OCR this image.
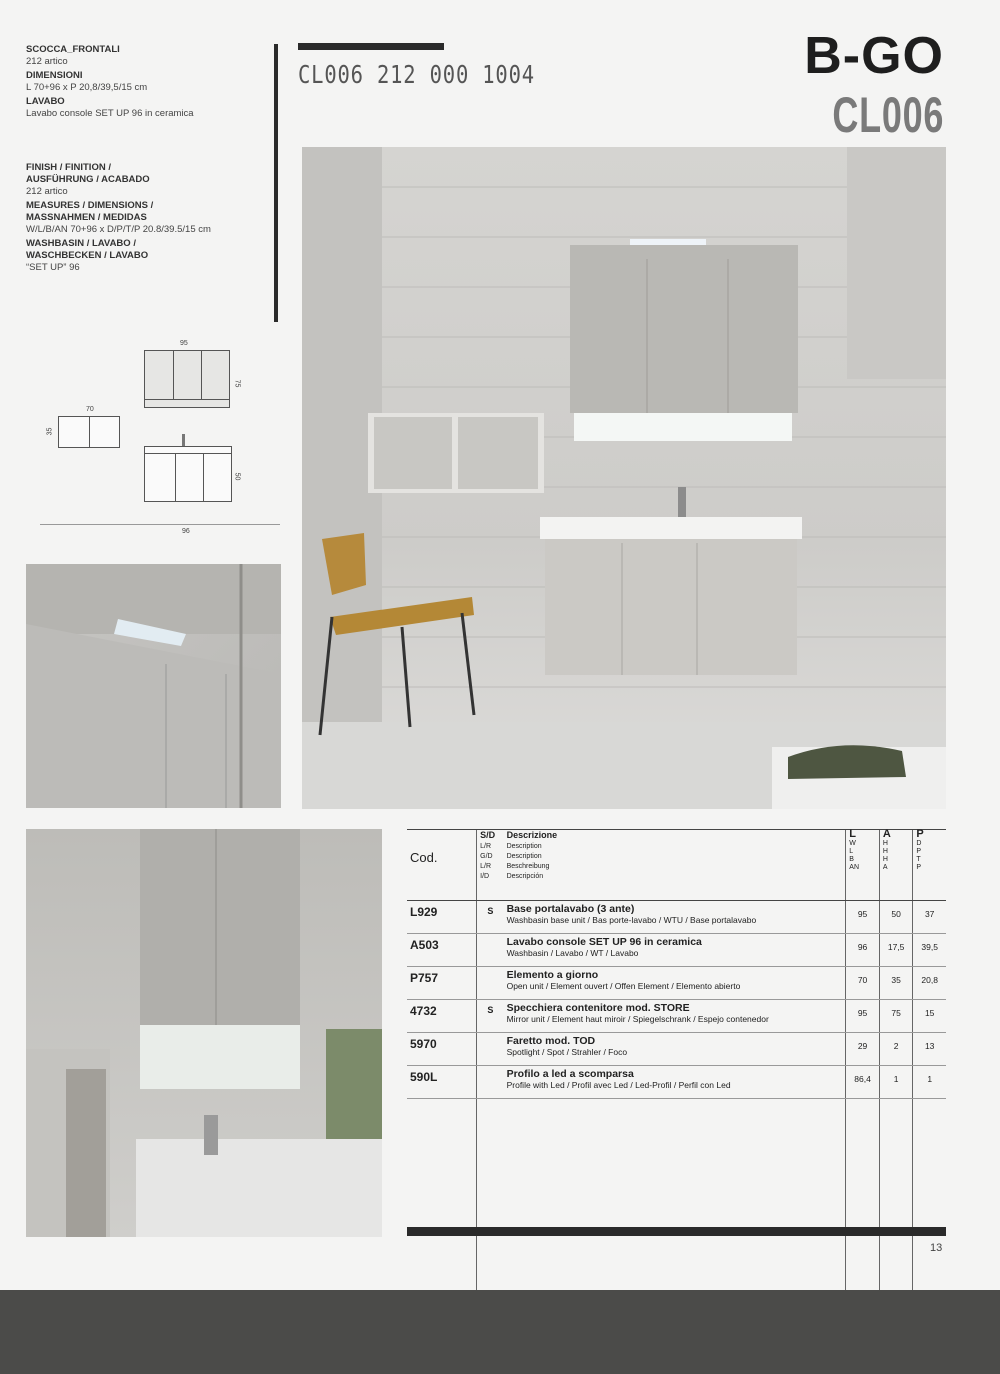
SCOCCA_FRONTALI
212 artico
DIMENSIONI
L 70+96 x P 20,8/39,5/15 cm
LAVABO
Lavabo console SET UP 96 in ceramica
FINISH / FINITION /
AUSFÜHRUNG / ACABADO
212 artico
MEASURES / DIMENSIONS /
MASSNAHMEN / MEDIDAS
W/L/B/AN 70+96 x D/P/T/P 20.8/39.5/15 cm
WASHBASIN / LAVABO /
WASCHBECKEN / LAVABO
“SET UP” 96
CL006 212 000 1004	B-GO
CL006
95
75
70
35
50
96
Cod.	S/D
L/R
G/D
L/R
I/D	Descrizione
Description
Description
Beschreibung
Descripción	L
W
L
B
AN	A
H
H
H
A	P
D
P
T
P
L929	S	Base portalavabo (3 ante)
Washbasin base unit / Bas porte-lavabo / WTU / Base portalavabo	95	50	37
A503		Lavabo console SET UP 96 in ceramica
Washbasin / Lavabo / WT / Lavabo	96	17,5	39,5
P757		Elemento a giorno
Open unit / Element ouvert / Offen Element / Elemento abierto	70	35	20,8
4732	S	Specchiera contenitore mod. STORE
Mirror unit / Element haut miroir / Spiegelschrank / Espejo contenedor	95	75	15
5970		Faretto mod. TOD
Spotlight / Spot / Strahler / Foco	29	2	13
590L		Profilo a led a scomparsa
Profile with Led / Profil avec Led / Led-Profil / Perfil con Led	86,4	1	1

13
